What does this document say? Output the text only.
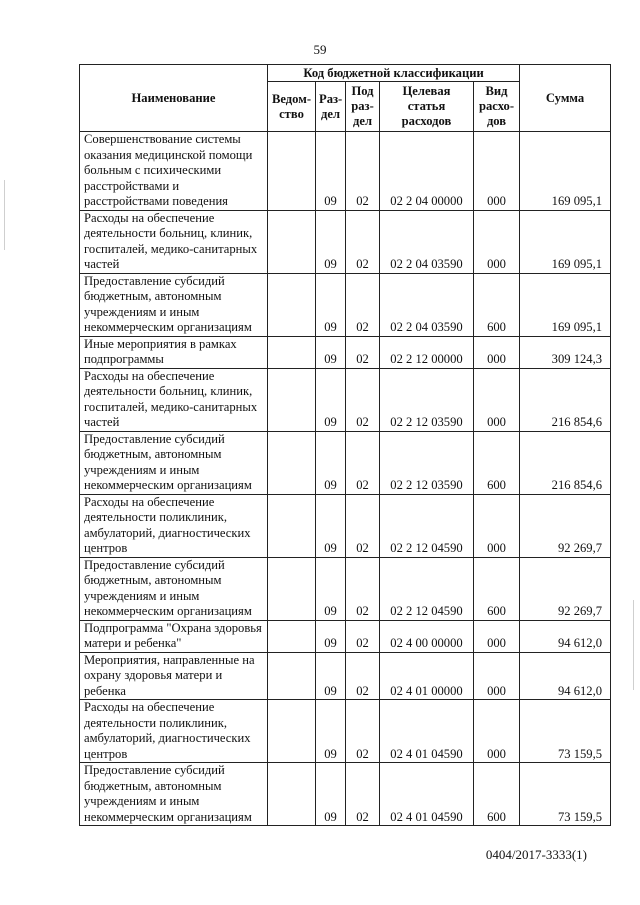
59
Наименование	Код бюджетной классификации					Сумма
	Ведом-ство	Раз-дел	Под раз-дел	Целевая статья расходов	Вид расхо-дов	
Совершенствование системы оказания медицинской помощи больным с психическими расстройствами и расстройствами поведения		09	02	02 2 04 00000	000	169 095,1
Расходы на обеспечение деятельности больниц, клиник, госпиталей, медико-санитарных частей		09	02	02 2 04 03590	000	169 095,1
Предоставление субсидий бюджетным, автономным учреждениям и иным некоммерческим организациям		09	02	02 2 04 03590	600	169 095,1
Иные мероприятия в рамках подпрограммы		09	02	02 2 12 00000	000	309 124,3
Расходы на обеспечение деятельности больниц, клиник, госпиталей, медико-санитарных частей		09	02	02 2 12 03590	000	216 854,6
Предоставление субсидий бюджетным, автономным учреждениям и иным некоммерческим организациям		09	02	02 2 12 03590	600	216 854,6
Расходы на обеспечение деятельности поликлиник, амбулаторий, диагностических центров		09	02	02 2 12 04590	000	92 269,7
Предоставление субсидий бюджетным, автономным учреждениям и иным некоммерческим организациям		09	02	02 2 12 04590	600	92 269,7
Подпрограмма "Охрана здоровья матери и ребенка"		09	02	02 4 00 00000	000	94 612,0
Мероприятия, направленные на охрану здоровья матери и ребенка		09	02	02 4 01 00000	000	94 612,0
Расходы на обеспечение деятельности поликлиник, амбулаторий, диагностических центров		09	02	02 4 01 04590	000	73 159,5
Предоставление субсидий бюджетным, автономным учреждениям и иным некоммерческим организациям		09	02	02 4 01 04590	600	73 159,5
0404/2017-3333(1)
